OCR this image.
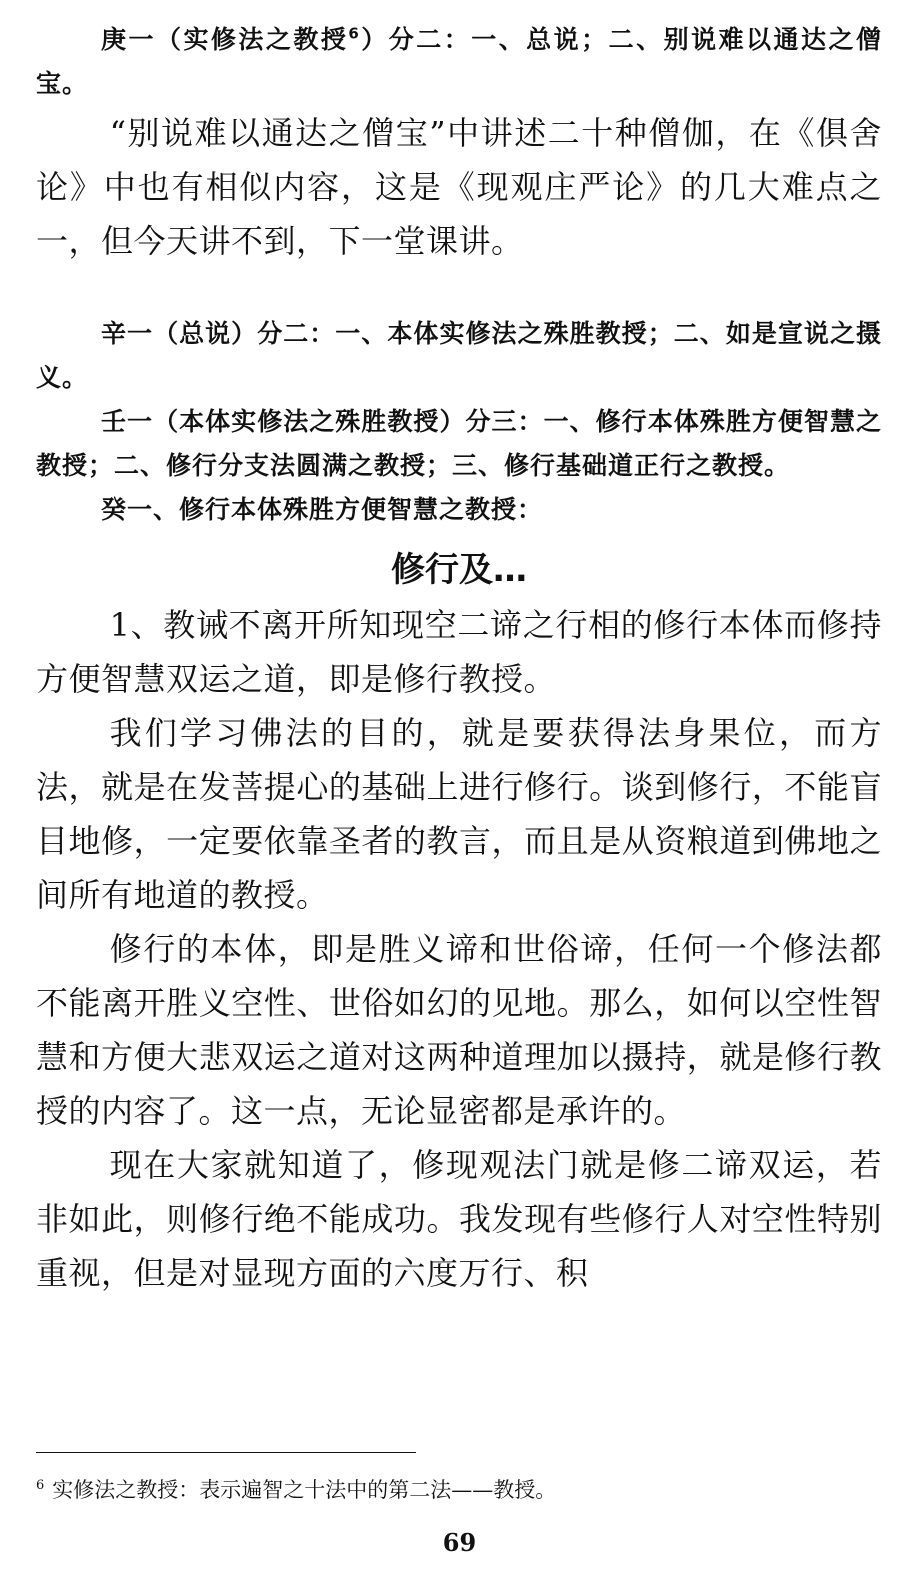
庚一（实修法之教授$^6$）分二：一、总说；二、别说难以通达之僧宝。

“别说难以通达之僧宝”中讲述二十种僧伽，在《俱舍论》中也有相似内容，这是《现观庄严论》的几大难点之一，但今天讲不到，下一堂课讲。

辛一（总说）分二：一、本体实修法之殊胜教授；二、如是宣说之摄义。

壬一（本体实修法之殊胜教授）分三：一、修行本体殊胜方便智慧之教授；二、修行分支法圆满之教授；三、修行基础道正行之教授。

癸一、修行本体殊胜方便智慧之教授：

修行及…

1、教诫不离开所知现空二谛之行相的修行本体而修持方便智慧双运之道，即是修行教授。

我们学习佛法的目的，就是要获得法身果位，而方法，就是在发菩提心的基础上进行修行。谈到修行，不能盲目地修，一定要依靠圣者的教言，而且是从资粮道到佛地之间所有地道的教授。

修行的本体，即是胜义谛和世俗谛，任何一个修法都不能离开胜义空性、世俗如幻的见地。那么，如何以空性智慧和方便大悲双运之道对这两种道理加以摄持，就是修行教授的内容了。这一点，无论显密都是承许的。

现在大家就知道了，修现观法门就是修二谛双运，若非如此，则修行绝不能成功。我发现有些修行人对空性特别重视，但是对显现方面的六度万行、积

$^6$ 实修法之教授：表示遍智之十法中的第二法——教授。
69
